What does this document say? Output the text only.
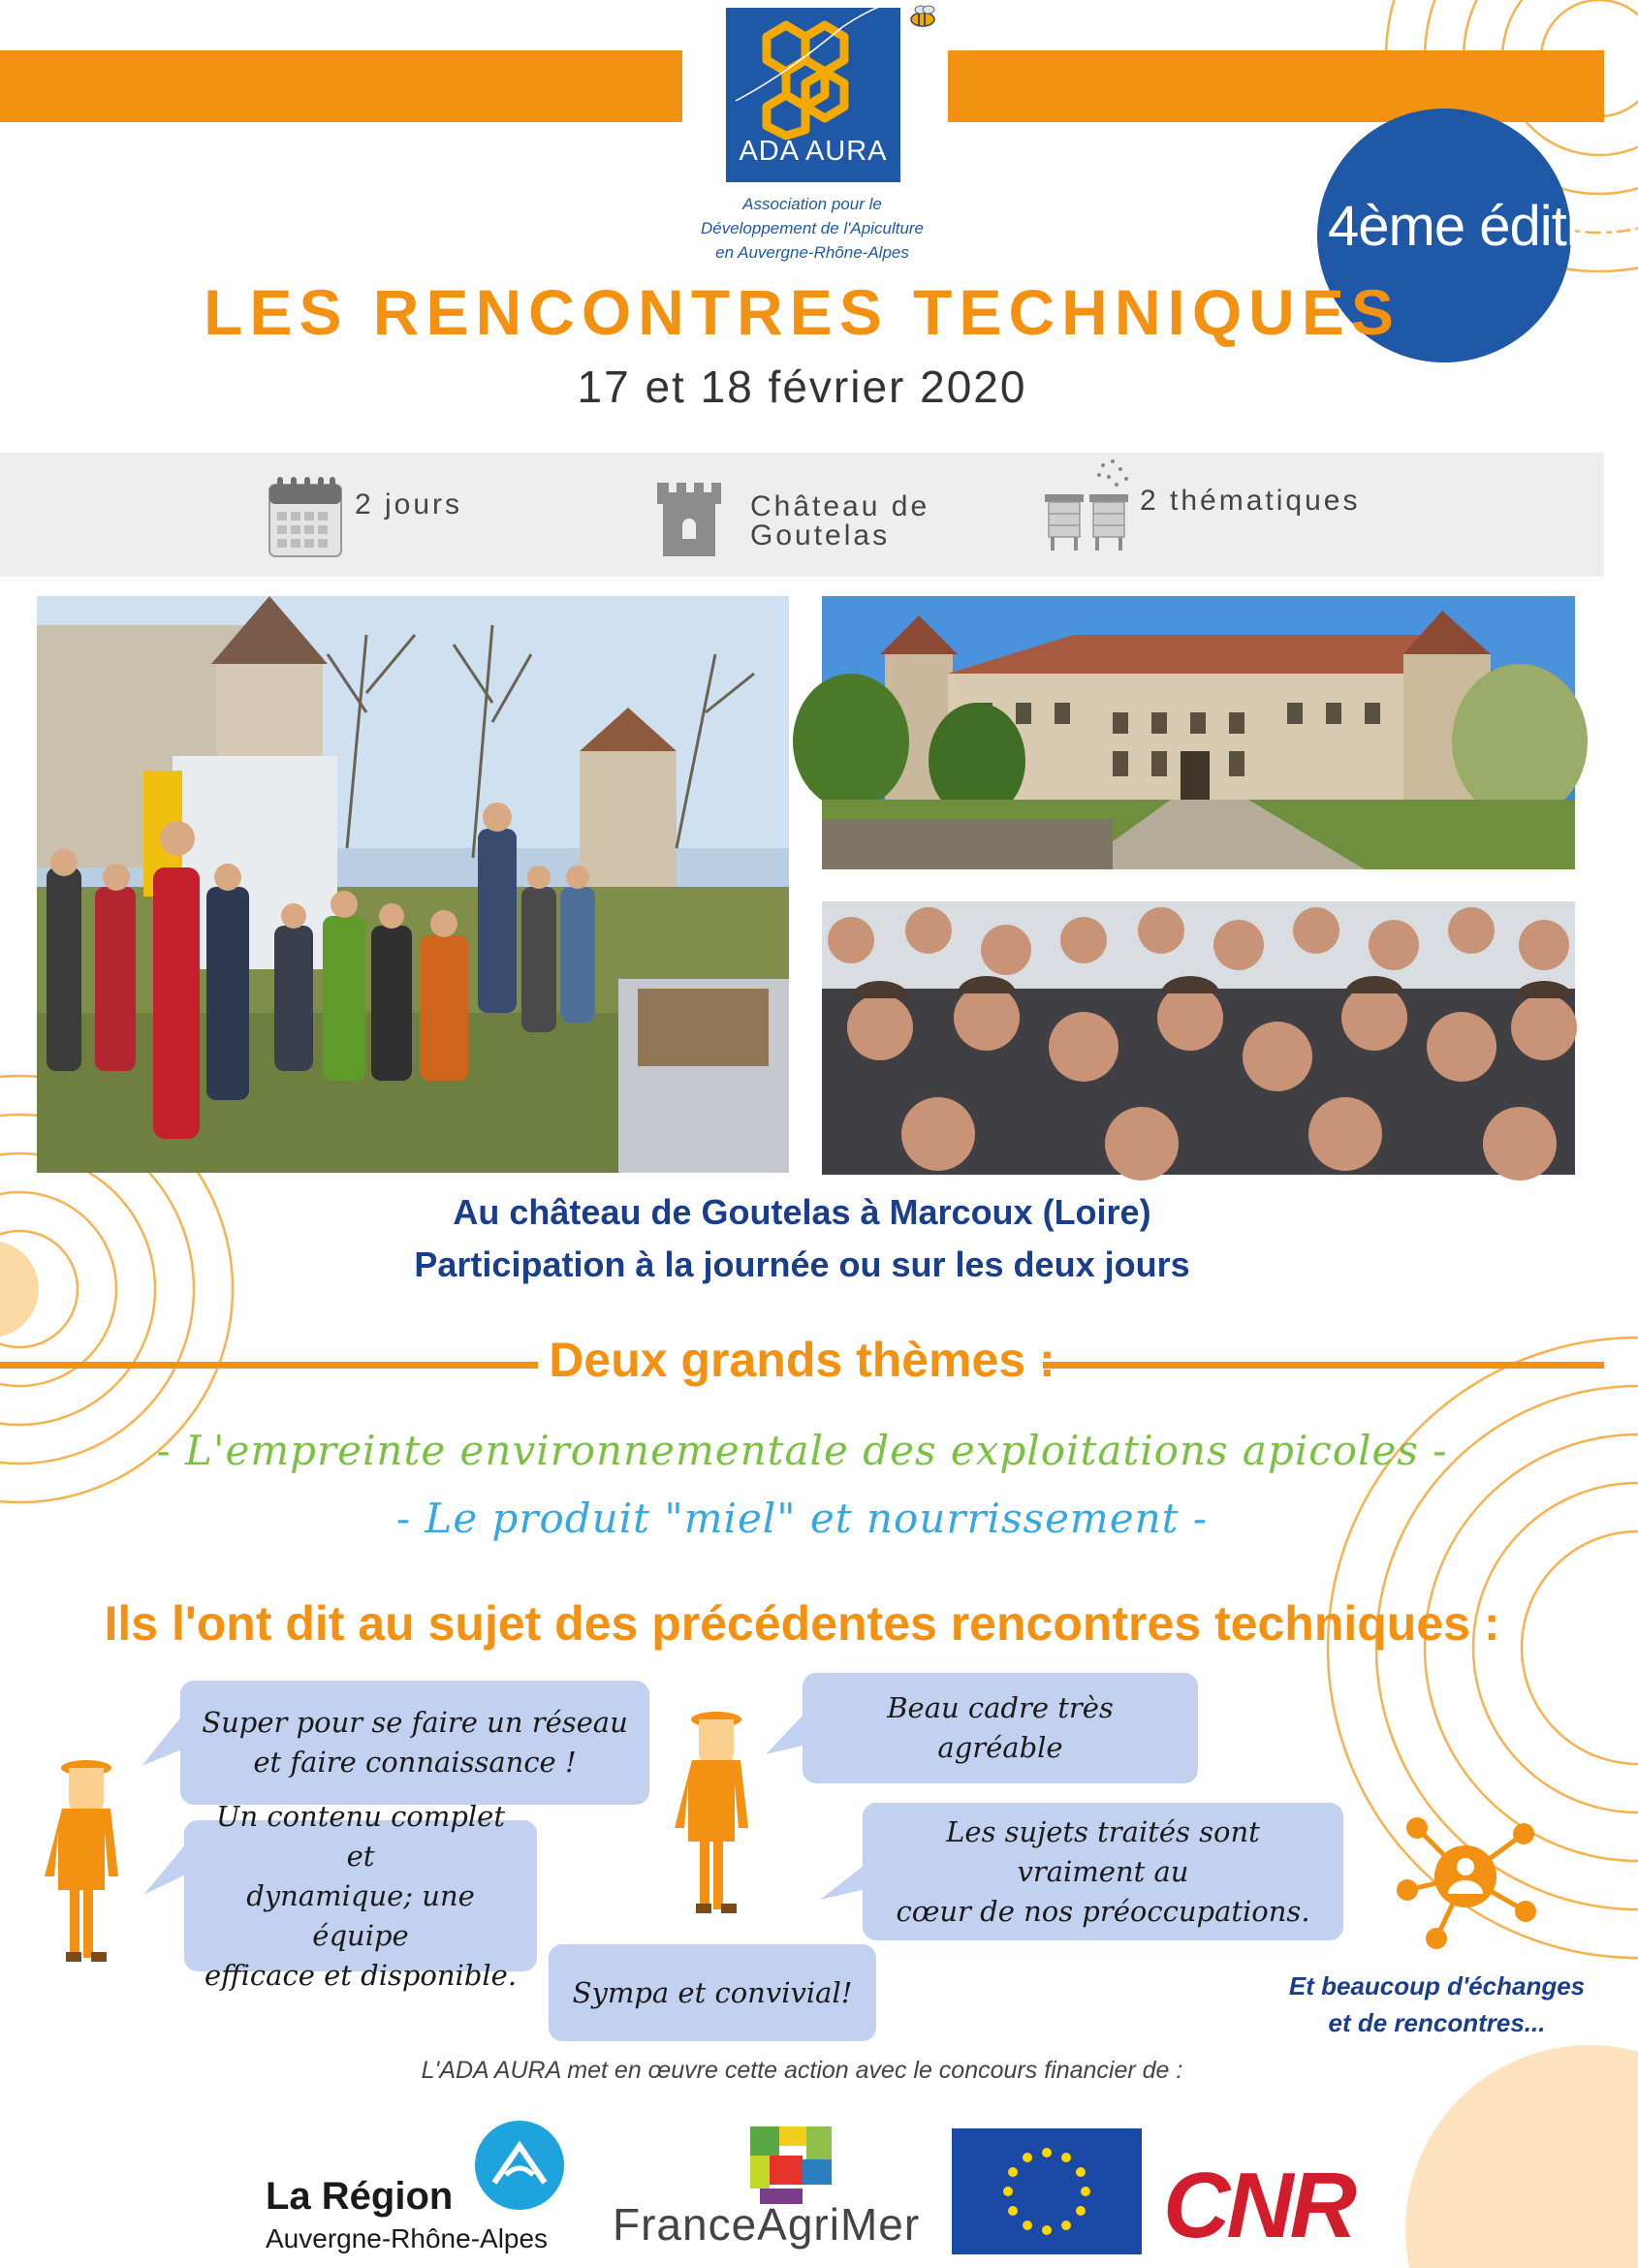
ADA AURA
Association pour le
Développement de l'Apiculture
en Auvergne-Rhône-Alpes	4ème édition
LES RENCONTRES TECHNIQUES
17 et 18 février 2020
2 jours	Château de
Goutelas
2 thématiques
Au château de Goutelas à Marcoux (Loire)
Participation à la journée ou sur les deux jours
Deux grands thèmes :
- L'empreinte environnementale des exploitations apicoles -
- Le produit "miel" et nourrissement -
Ils l'ont dit au sujet des précédentes rencontres techniques :
Super pour se faire un réseau
et faire connaissance !
Un contenu complet et
dynamique; une équipe
efficace et disponible.
Beau cadre très agréable
Les sujets traités sont vraiment au
cœur de nos préoccupations.
Sympa et convivial!	Et beaucoup d'échanges
et de rencontres...
L'ADA AURA met en œuvre cette action avec le concours financier de :
La Région
Auvergne-Rhône-Alpes FranceAgriMer	CNR
